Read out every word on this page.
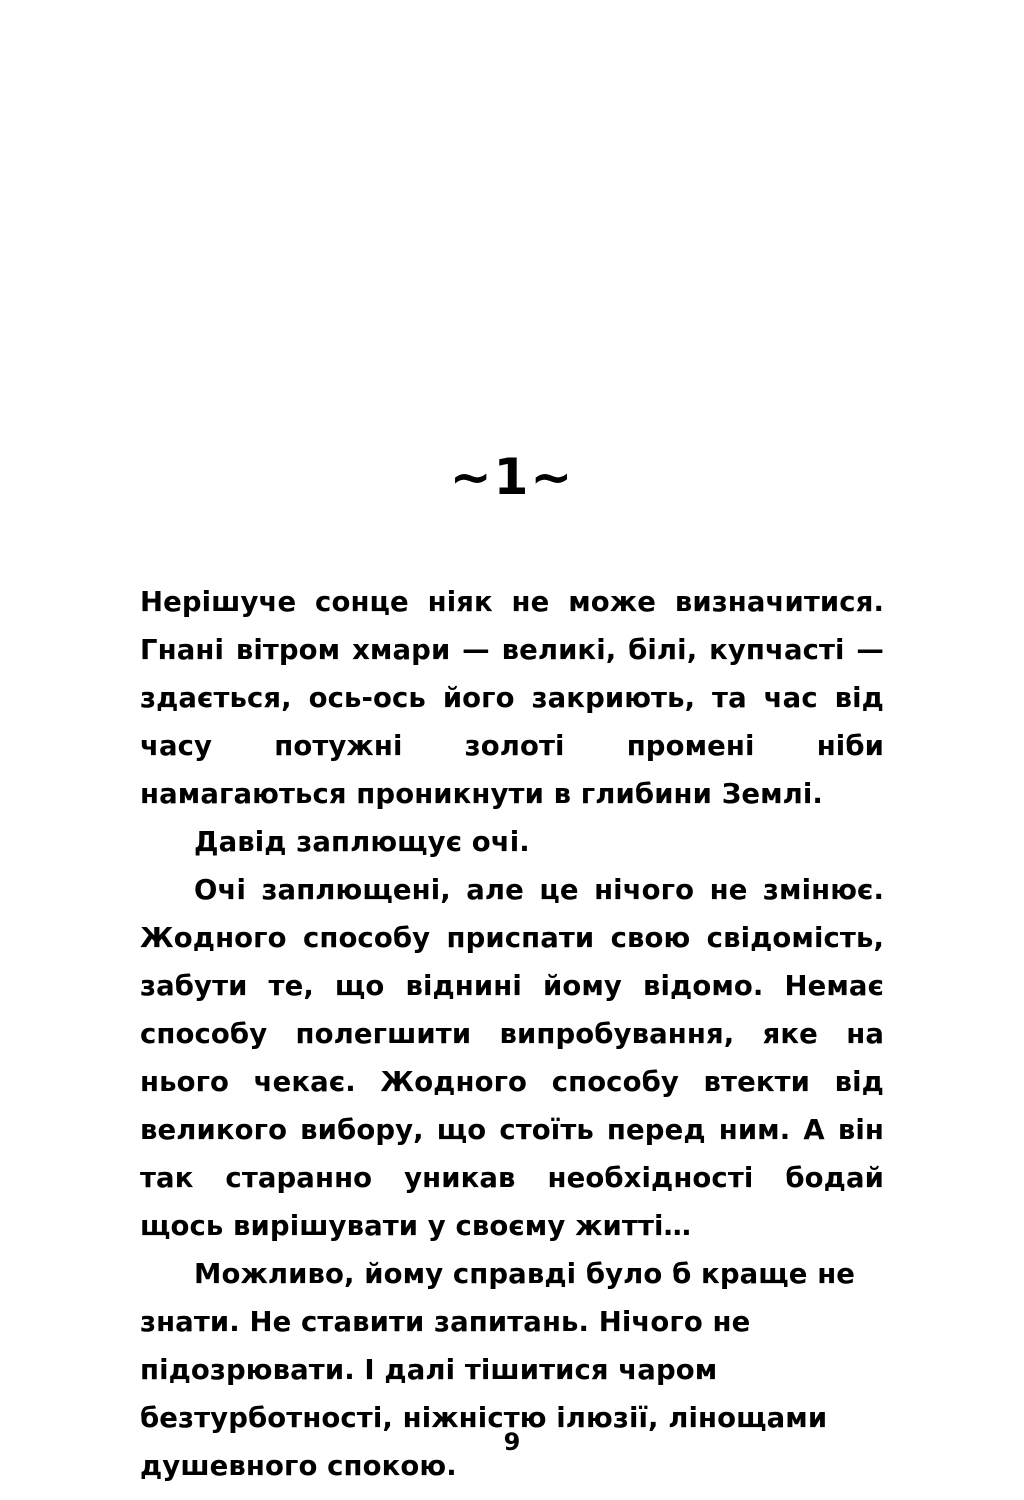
~1~

Нерішуче сонце ніяк не може визначитися. Гнані вітром хмари — великі, білі, купчасті — здається, ось-ось його закриють, та час від часу потужні золоті промені ніби намагаються проникнути в глибини Землі.

Давід заплющує очі.

Очі заплющені, але це нічого не змінює. Жодного способу приспати свою свідомість, забути те, що віднині йому відомо. Немає способу полегшити випробування, яке на нього чекає. Жодного способу втекти від великого вибору, що стоїть перед ним. А він так старанно уникав необхідності бодай щось вирішувати у своєму житті…

Можливо, йому справді було б краще не знати. Не ставити запитань. Нічого не підозрювати. І далі тішитися чаром безтурботності, ніжністю ілюзії, лінощами душевного спокою.

9
